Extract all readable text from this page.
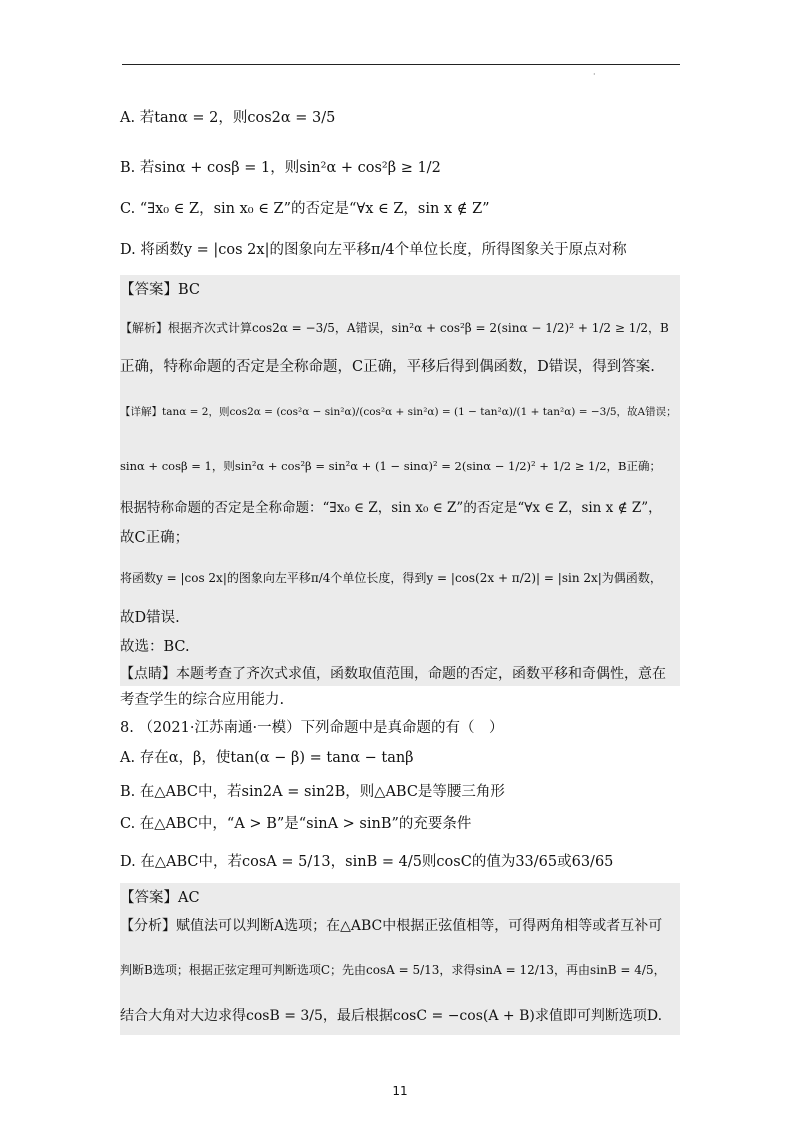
·
A. 若tanα = 2，则cos2α = 3/5
B. 若sinα + cosβ = 1，则sin²α + cos²β ≥ 1/2
C. “∃x₀ ∈ Z，sin x₀ ∈ Z”的否定是“∀x ∈ Z，sin x ∉ Z”
D. 将函数y = |cos 2x|的图象向左平移π/4个单位长度，所得图象关于原点对称
【答案】BC
【解析】根据齐次式计算cos2α = −3/5，A错误，sin²α + cos²β = 2(sinα − 1/2)² + 1/2 ≥ 1/2，B
正确，特称命题的否定是全称命题，C正确，平移后得到偶函数，D错误，得到答案.
【详解】tanα = 2，则cos2α = (cos²α − sin²α)/(cos²α + sin²α) = (1 − tan²α)/(1 + tan²α) = −3/5，故A错误；
sinα + cosβ = 1，则sin²α + cos²β = sin²α + (1 − sinα)² = 2(sinα − 1/2)² + 1/2 ≥ 1/2，B正确；
根据特称命题的否定是全称命题：“∃x₀ ∈ Z，sin x₀ ∈ Z”的否定是“∀x ∈ Z，sin x ∉ Z”，
故C正确；
将函数y = |cos 2x|的图象向左平移π/4个单位长度，得到y = |cos(2x + π/2)| = |sin 2x|为偶函数，
故D错误.
故选：BC.
【点睛】本题考查了齐次式求值，函数取值范围，命题的否定，函数平移和奇偶性，意在
考查学生的综合应用能力.
8. （2021·江苏南通·一模）下列命题中是真命题的有（　）
A. 存在α，β，使tan(α − β) = tanα − tanβ
B. 在△ABC中，若sin2A = sin2B，则△ABC是等腰三角形
C. 在△ABC中，“A > B”是“sinA > sinB”的充要条件
D. 在△ABC中，若cosA = 5/13，sinB = 4/5则cosC的值为33/65或63/65
【答案】AC
【分析】赋值法可以判断A选项；在△ABC中根据正弦值相等，可得两角相等或者互补可
判断B选项；根据正弦定理可判断选项C；先由cosA = 5/13，求得sinA = 12/13，再由sinB = 4/5，
结合大角对大边求得cosB = 3/5，最后根据cosC = −cos(A + B)求值即可判断选项D.
11
